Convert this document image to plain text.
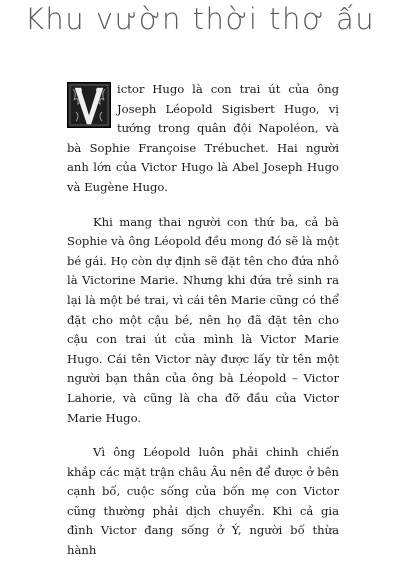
Khu vườn thời thơ ấu

ictor Hugo là con trai út của ông Joseph Léopold Sigisbert Hugo, vị tướng trong quân đội Napoléon, và bà Sophie Françoise Trébuchet. Hai người anh lớn của Victor Hugo là Abel Joseph Hugo và Eugène Hugo.

Khi mang thai người con thứ ba, cả bà Sophie và ông Léopold đều mong đó sẽ là một bé gái. Họ còn dự định sẽ đặt tên cho đứa nhỏ là Victorine Marie. Nhưng khi đứa trẻ sinh ra lại là một bé trai, vì cái tên Marie cũng có thể đặt cho một cậu bé, nên họ đã đặt tên cho cậu con trai út của mình là Victor Marie Hugo. Cái tên Victor này được lấy từ tên một người bạn thân của ông bà Léopold – Victor Lahorie, và cũng là cha đỡ đầu của Victor Marie Hugo.

Vì ông Léopold luôn phải chinh chiến khắp các mặt trận châu Âu nên để được ở bên cạnh bố, cuộc sống của bốn mẹ con Victor cũng thường phải dịch chuyển. Khi cả gia đình Victor đang sống ở Ý, người bố thừa hành
